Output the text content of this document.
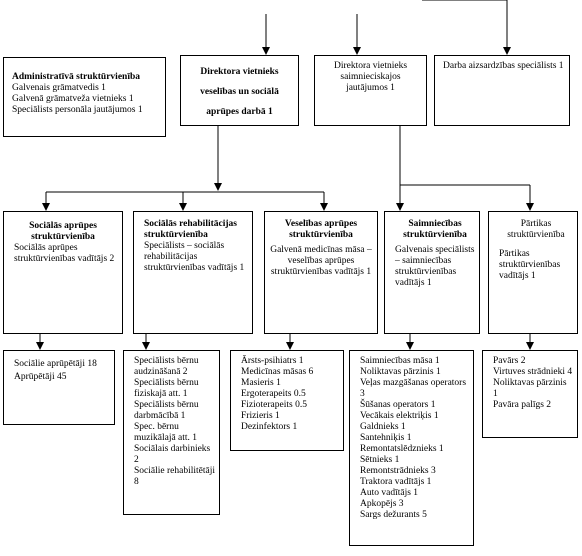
Administratīvā struktūrvienība
Galvenais grāmatvedis 1
Galvenā grāmatveža vietnieks 1
Speciālists personāla jautājumos 1
Direktora vietnieks veselības un sociālā aprūpes darbā 1
Direktora vietnieks saimnieciskajos jautājumos 1
Darba aizsardzības speciālists 1
Sociālās aprūpes struktūrvienība
Sociālās aprūpes struktūrvienības vadītājs 2
Sociālās rehabilitācijas struktūrvienība
Speciālists – sociālās rehabilitācijas struktūrvienības vadītājs 1
Veselības aprūpes struktūrvienība
Galvenā medicīnas māsa –veselības aprūpes struktūrvienības vadītājs 1
Saimniecības struktūrvienība
Galvenais speciālists – saimniecības struktūrvienības vadītājs 1
Pārtikas struktūrvienība
Pārtikas struktūrvienības vadītājs 1
Sociālie aprūpētāji 18
Aprūpētāji 45
Speciālists bērnu audzināšanā 2
Speciālists bērnu fiziskajā att. 1
Speciālists bērnu darbmācībā 1
Spec. bērnu muzikālajā att. 1
Sociālais darbinieks 2
Sociālie rehabilitētāji 8
Ārsts-psihiatrs 1
Medicīnas māsas 6
Masieris 1
Ergoterapeits 0.5
Fizioterapeits 0.5
Frizieris 1
Dezinfektors 1
Saimniecības māsa 1
Noliktavas pārzinis 1
Veļas mazgāšanas operators 3
Šūšanas operators 1
Vecākais elektriķis 1
Galdnieks 1
Santehniķis 1
Remontatslēdznieks 1
Sētnieks 1
Remontstrādnieks 3
Traktora vadītājs 1
Auto vadītājs 1
Apkopējs 3
Sargs dežurants 5
Pavārs 2
Virtuves strādnieki 4
Noliktavas pārzinis 1
Pavāra palīgs 2
